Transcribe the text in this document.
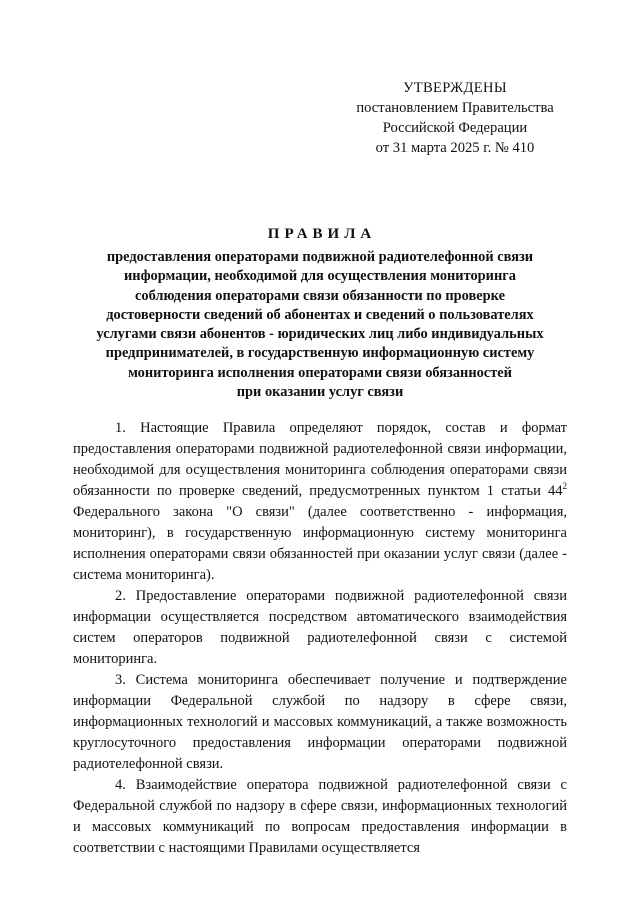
УТВЕРЖДЕНЫ
постановлением Правительства
Российской Федерации
от 31 марта 2025 г. № 410
ПРАВИЛА
предоставления операторами подвижной радиотелефонной связи
информации, необходимой для осуществления мониторинга
соблюдения операторами связи обязанности по проверке
достоверности сведений об абонентах и сведений о пользователях
услугами связи абонентов - юридических лиц либо индивидуальных
предпринимателей, в государственную информационную систему
мониторинга исполнения операторами связи обязанностей
при оказании услуг связи

1. Настоящие Правила определяют порядок, состав и формат предоставления операторами подвижной радиотелефонной связи информации, необходимой для осуществления мониторинга соблюдения операторами связи обязанности по проверке сведений, предусмотренных пунктом 1 статьи $44^2$ Федерального закона "О связи" (далее соответственно - информация, мониторинг), в государственную информационную систему мониторинга исполнения операторами связи обязанностей при оказании услуг связи (далее - система мониторинга).

2. Предоставление операторами подвижной радиотелефонной связи информации осуществляется посредством автоматического взаимодействия систем операторов подвижной радиотелефонной связи с системой мониторинга.

3. Система мониторинга обеспечивает получение и подтверждение информации Федеральной службой по надзору в сфере связи, информационных технологий и массовых коммуникаций, а также возможность круглосуточного предоставления информации операторами подвижной радиотелефонной связи.

4. Взаимодействие оператора подвижной радиотелефонной связи с Федеральной службой по надзору в сфере связи, информационных технологий и массовых коммуникаций по вопросам предоставления информации в соответствии с настоящими Правилами осуществляется
